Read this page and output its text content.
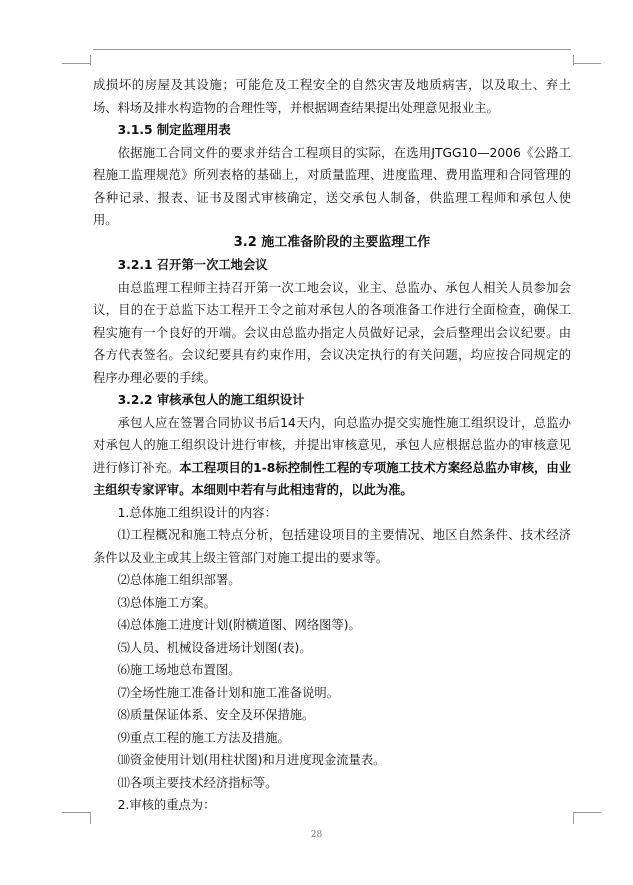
成损坏的房屋及其设施；可能危及工程安全的自然灾害及地质病害，以及取土、弃土场、料场及排水构造物的合理性等，并根据调查结果提出处理意见报业主。

3.1.5 制定监理用表

依据施工合同文件的要求并结合工程项目的实际，在选用JTGG10—2006《公路工程施工监理规范》所列表格的基础上，对质量监理、进度监理、费用监理和合同管理的各种记录、报表、证书及图式审核确定，送交承包人制备，供监理工程师和承包人使用。

3.2 施工准备阶段的主要监理工作

3.2.1 召开第一次工地会议

由总监理工程师主持召开第一次工地会议，业主、总监办、承包人相关人员参加会议，目的在于总监下达工程开工令之前对承包人的各项准备工作进行全面检查，确保工程实施有一个良好的开端。会议由总监办指定人员做好记录，会后整理出会议纪要。由各方代表签名。会议纪要具有约束作用，会议决定执行的有关问题，均应按合同规定的程序办理必要的手续。

3.2.2 审核承包人的施工组织设计

承包人应在签署合同协议书后14天内，向总监办提交实施性施工组织设计，总监办对承包人的施工组织设计进行审核，并提出审核意见，承包人应根据总监办的审核意见进行修订补充。本工程项目的1-8标控制性工程的专项施工技术方案经总监办审核，由业主组织专家评审。本细则中若有与此相违背的，以此为准。

1.总体施工组织设计的内容：

⑴工程概况和施工特点分析，包括建设项目的主要情况、地区自然条件、技术经济条件以及业主或其上级主管部门对施工提出的要求等。

⑵总体施工组织部署。

⑶总体施工方案。

⑷总体施工进度计划(附横道图、网络图等)。

⑸人员、机械设备进场计划图(表)。

⑹施工场地总布置图。

⑺全场性施工准备计划和施工准备说明。

⑻质量保证体系、安全及环保措施。

⑼重点工程的施工方法及措施。

⑽资金使用计划(用柱状图)和月进度现金流量表。

⑾各项主要技术经济指标等。

2.审核的重点为：

28
